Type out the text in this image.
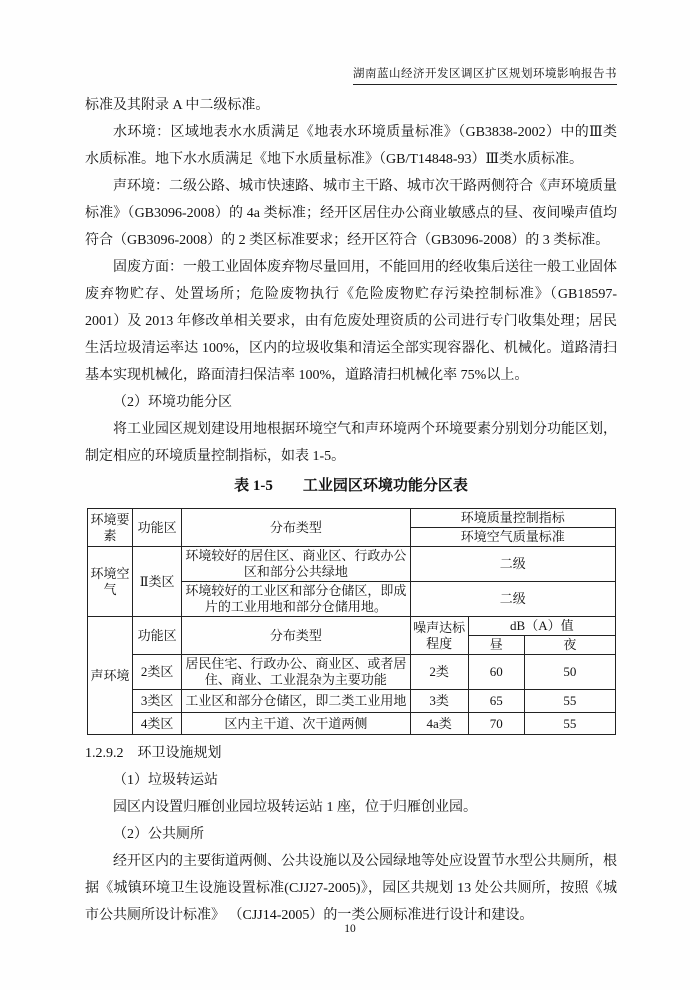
湖南蓝山经济开发区调区扩区规划环境影响报告书

标准及其附录 A 中二级标准。

水环境：区域地表水水质满足《地表水环境质量标准》（GB3838-2002）中的Ⅲ类水质标准。地下水水质满足《地下水质量标准》（GB/T14848-93）Ⅲ类水质标准。

声环境：二级公路、城市快速路、城市主干路、城市次干路两侧符合《声环境质量标准》（GB3096-2008）的 4a 类标准；经开区居住办公商业敏感点的昼、夜间噪声值均符合（GB3096-2008）的 2 类区标准要求；经开区符合（GB3096-2008）的 3 类标准。

固废方面：一般工业固体废弃物尽量回用，不能回用的经收集后送往一般工业固体废弃物贮存、处置场所；危险废物执行《危险废物贮存污染控制标准》（GB18597-2001）及 2013 年修改单相关要求，由有危废处理资质的公司进行专门收集处理；居民生活垃圾清运率达 100%，区内的垃圾收集和清运全部实现容器化、机械化。道路清扫基本实现机械化，路面清扫保洁率 100%，道路清扫机械化率 75%以上。

（2）环境功能分区

将工业园区规划建设用地根据环境空气和声环境两个环境要素分别划分功能区划，制定相应的环境质量控制指标，如表 1-5。

表 1-5　　工业园区环境功能分区表
环境要素	功能区	分布类型	环境质量控制指标		
			环境空气质量标准		
环境空气	Ⅱ类区	环境较好的居住区、商业区、行政办公区和部分公共绿地	二级		
		环境较好的工业区和部分仓储区，即成片的工业用地和部分仓储用地。	二级		
声环境	功能区	分布类型	噪声达标程度	dB（A）值	
				昼	夜
	2类区	居民住宅、行政办公、商业区、或者居住、商业、工业混杂为主要功能	2类	60	50
	3类区	工业区和部分仓储区，即二类工业用地	3类	65	55
	4类区	区内主干道、次干道两侧	4a类	70	55

1.2.9.2　环卫设施规划

（1）垃圾转运站

园区内设置归雁创业园垃圾转运站 1 座，位于归雁创业园。

（2）公共厕所

经开区内的主要街道两侧、公共设施以及公园绿地等处应设置节水型公共厕所，根据《城镇环境卫生设施设置标准(CJJ27-2005)》，园区共规划 13 处公共厕所，按照《城市公共厕所设计标准》 （CJJ14-2005）的一类公厕标准进行设计和建设。

10
